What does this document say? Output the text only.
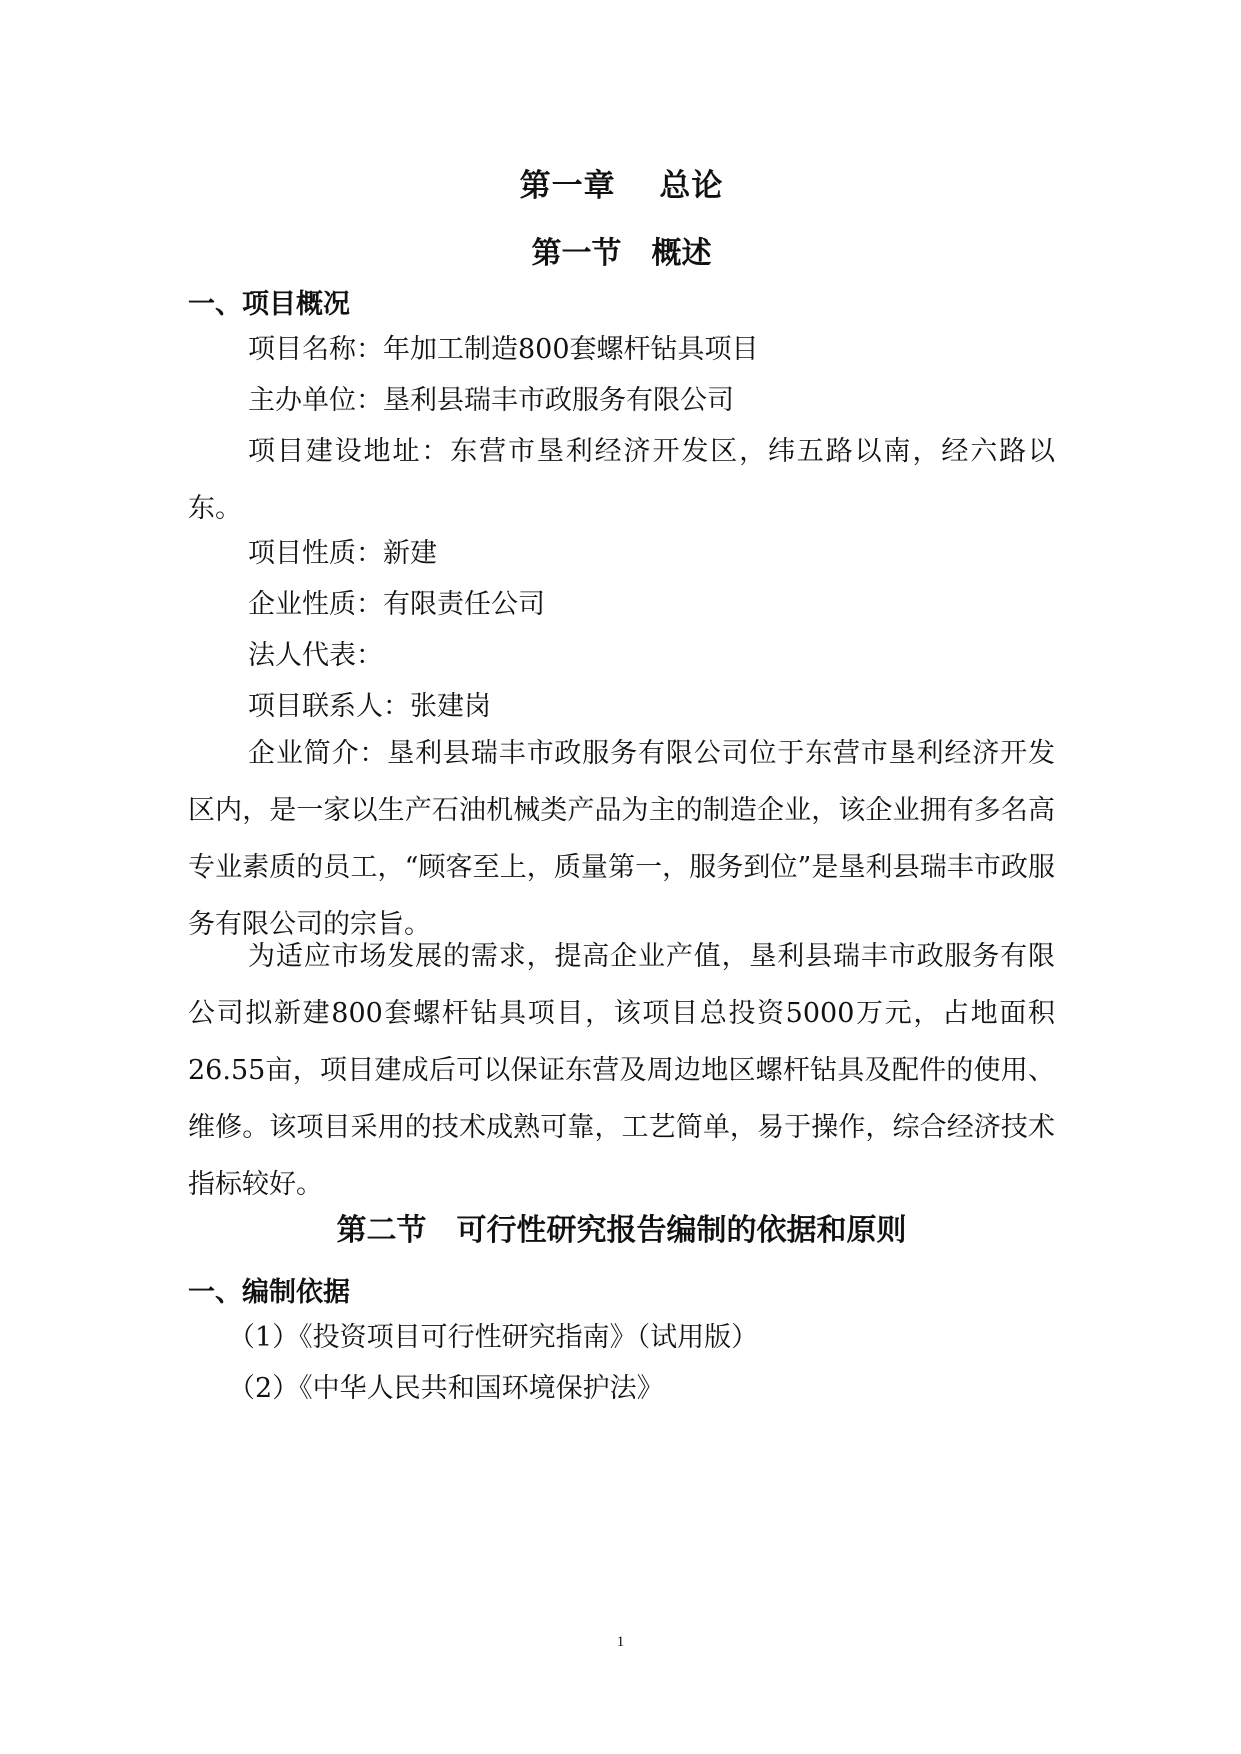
第一章　 总论
第一节　概述
一、项目概况
项目名称：年加工制造800套螺杆钻具项目
主办单位：垦利县瑞丰市政服务有限公司
项目建设地址：东营市垦利经济开发区，纬五路以南，经六路以东。
项目性质：新建
企业性质：有限责任公司
法人代表：
项目联系人：张建岗
企业简介：垦利县瑞丰市政服务有限公司位于东营市垦利经济开发区内，是一家以生产石油机械类产品为主的制造企业，该企业拥有多名高专业素质的员工，“顾客至上，质量第一，服务到位”是垦利县瑞丰市政服务有限公司的宗旨。
为适应市场发展的需求，提高企业产值，垦利县瑞丰市政服务有限公司拟新建800套螺杆钻具项目，该项目总投资5000万元，占地面积26.55亩，项目建成后可以保证东营及周边地区螺杆钻具及配件的使用、维修。该项目采用的技术成熟可靠，工艺简单，易于操作，综合经济技术指标较好。
第二节　可行性研究报告编制的依据和原则
一、编制依据
（1）《投资项目可行性研究指南》（试用版）
（2）《中华人民共和国环境保护法》
1
